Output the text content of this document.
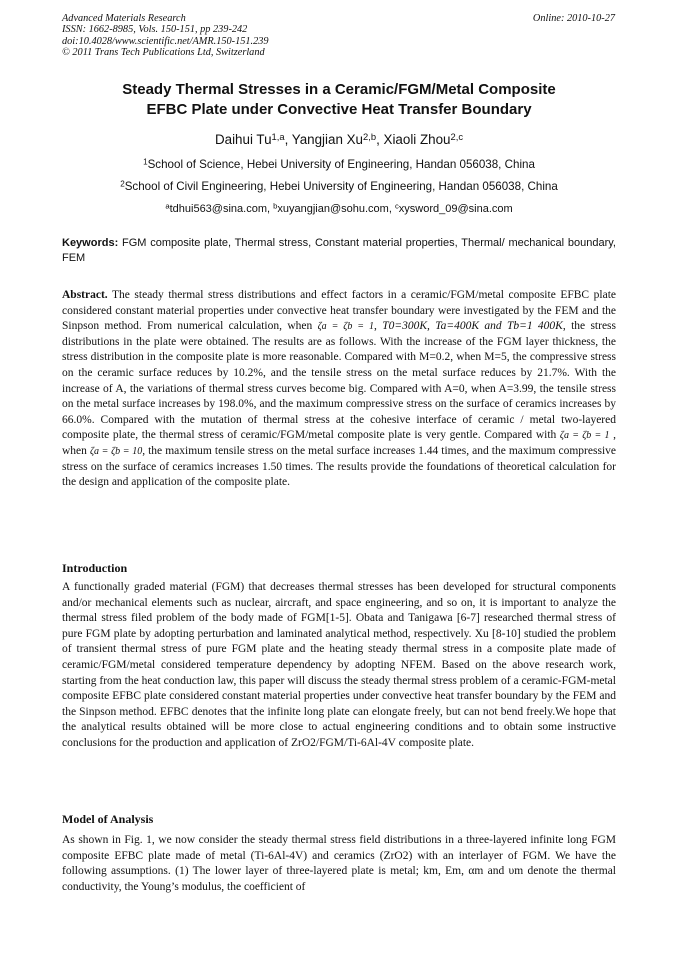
Advanced Materials Research
ISSN: 1662-8985, Vols. 150-151, pp 239-242
doi:10.4028/www.scientific.net/AMR.150-151.239
© 2011 Trans Tech Publications Ltd, Switzerland
Online: 2010-10-27
Steady Thermal Stresses in a Ceramic/FGM/Metal Composite
EFBC Plate under Convective Heat Transfer Boundary
Daihui Tu$^{1,a}$, Yangjian Xu$^{2,b}$, Xiaoli Zhou$^{2,c}$
$^1$School of Science, Hebei University of Engineering, Handan 056038, China
$^2$School of Civil Engineering, Hebei University of Engineering, Handan 056038, China
$^a$tdhui563@sina.com, $^b$xuyangjian@sohu.com, $^c$xysword_09@sina.com
Keywords: FGM composite plate, Thermal stress, Constant material properties, Thermal/ mechanical boundary, FEM
Abstract. The steady thermal stress distributions and effect factors in a ceramic/FGM/metal composite EFBC plate considered constant material properties under convective heat transfer boundary were investigated by the FEM and the Sinpson method. From numerical calculation, when ζa = ζb = 1, T0=300K, Ta=400K and Tb=1 400K, the stress distributions in the plate were obtained. The results are as follows. With the increase of the FGM layer thickness, the stress distribution in the composite plate is more reasonable. Compared with M=0.2, when M=5, the compressive stress on the ceramic surface reduces by 10.2%, and the tensile stress on the metal surface reduces by 21.7%. With the increase of A, the variations of thermal stress curves become big. Compared with A=0, when A=3.99, the tensile stress on the metal surface increases by 198.0%, and the maximum compressive stress on the surface of ceramics increases by 66.0%. Compared with the mutation of thermal stress at the cohesive interface of ceramic / metal two-layered composite plate, the thermal stress of ceramic/FGM/metal composite plate is very gentle. Compared with ζa = ζb = 1 , when ζa = ζb = 10, the maximum tensile stress on the metal surface increases 1.44 times, and the maximum compressive stress on the surface of ceramics increases 1.50 times. The results provide the foundations of theoretical calculation for the design and application of the composite plate.
Introduction
A functionally graded material (FGM) that decreases thermal stresses has been developed for structural components and/or mechanical elements such as nuclear, aircraft, and space engineering, and so on, it is important to analyze the thermal stress filed problem of the body made of FGM[1-5]. Obata and Tanigawa [6-7] researched thermal stress of pure FGM plate by adopting perturbation and laminated analytical method, respectively. Xu [8-10] studied the problem of transient thermal stress of pure FGM plate and the heating steady thermal stress in a composite plate made of ceramic/FGM/metal considered temperature dependency by adopting NFEM. Based on the above research work, starting from the heat conduction law, this paper will discuss the steady thermal stress problem of a ceramic-FGM-metal composite EFBC plate considered constant material properties under convective heat transfer boundary by the FEM and the Sinpson method. EFBC denotes that the infinite long plate can elongate freely, but can not bend freely.We hope that the analytical results obtained will be more close to actual engineering conditions and to obtain some instructive conclusions for the production and application of ZrO2/FGM/Ti-6Al-4V composite plate.
Model of Analysis
As shown in Fig. 1, we now consider the steady thermal stress field distributions in a three-layered infinite long FGM composite EFBC plate made of metal (Ti-6Al-4V) and ceramics (ZrO2) with an interlayer of FGM. We have the following assumptions. (1) The lower layer of three-layered plate is metal; km, Em, αm and υm denote the thermal conductivity, the Young’s modulus, the coefficient of
